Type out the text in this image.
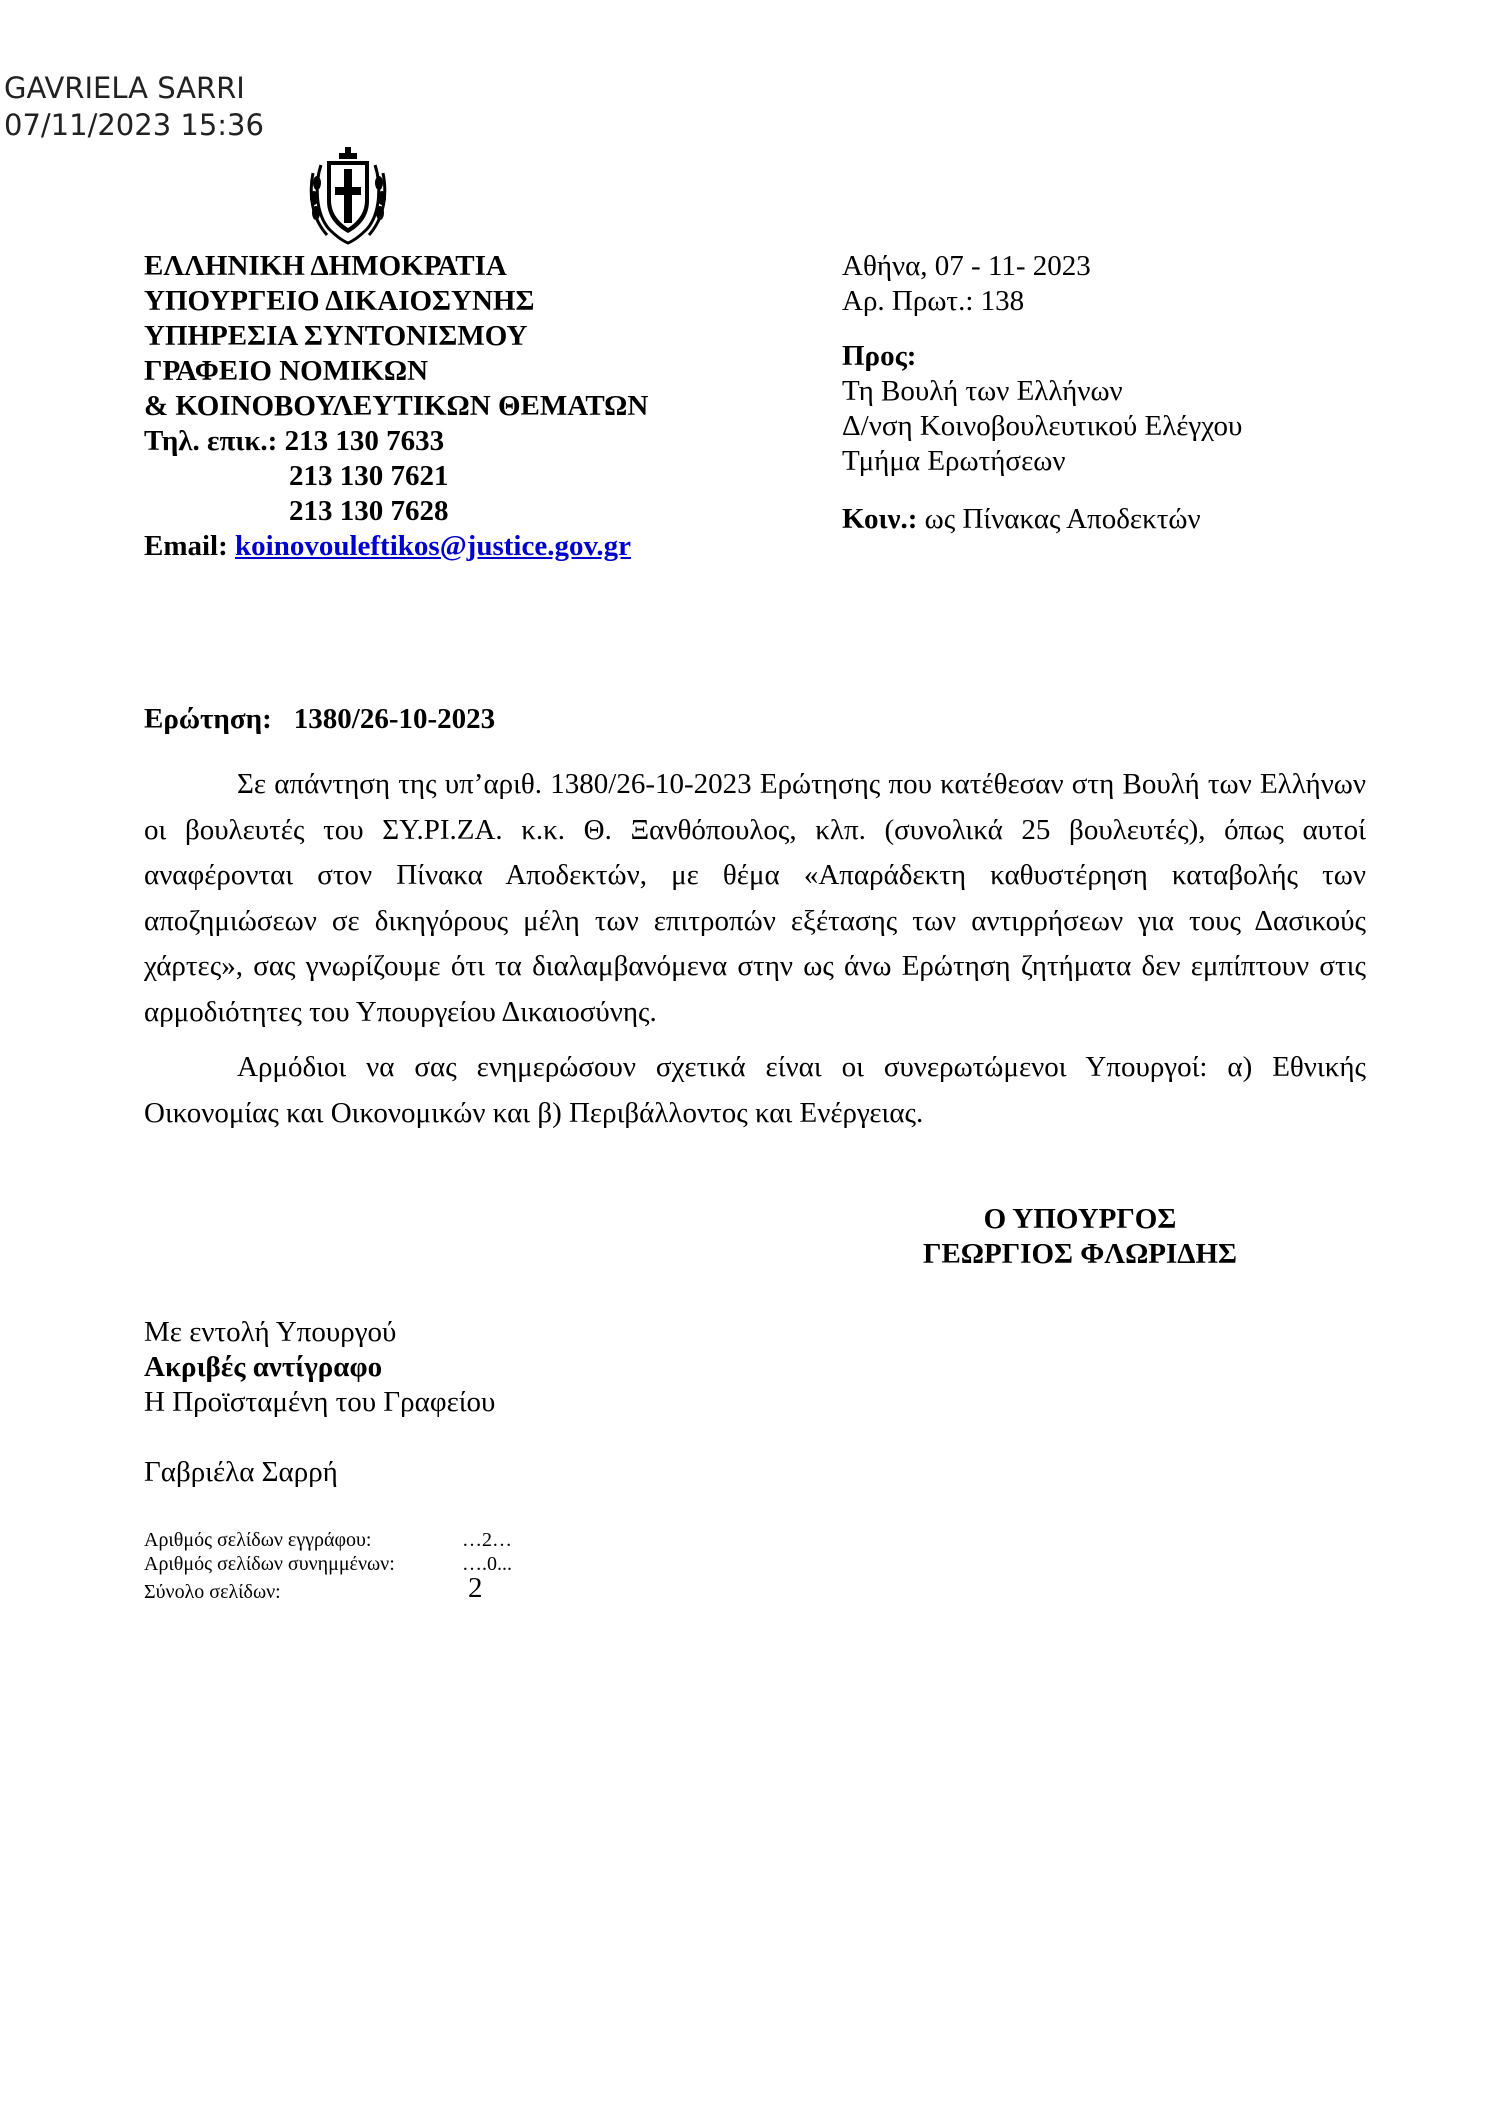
GAVRIELA SARRI
07/11/2023 15:36
ΕΛΛΗΝΙΚΗ ΔΗΜΟΚΡΑΤΙΑ
ΥΠΟΥΡΓΕΙΟ ΔΙΚΑΙΟΣΥΝΗΣ
ΥΠΗΡΕΣΙΑ ΣΥΝΤΟΝΙΣΜΟΥ
ΓΡΑΦΕΙΟ ΝΟΜΙΚΩΝ
& ΚΟΙΝΟΒΟΥΛΕΥΤΙΚΩΝ ΘΕΜΑΤΩΝ
Τηλ. επικ.: 213 130 7633
213 130 7621
213 130 7628
Email: koinovouleftikos@justice.gov.gr
Αθήνα, 07 - 11- 2023
Αρ. Πρωτ.: 138
Προς:
Τη Βουλή των Ελλήνων
Δ/νση Κοινοβουλευτικού Ελέγχου
Τμήμα Ερωτήσεων
Κοιν.: ως Πίνακας Αποδεκτών
Ερώτηση: 1380/26-10-2023

Σε απάντηση της υπ’αριθ. 1380/26-10-2023 Ερώτησης που κατέθεσαν στη Βουλή των Ελλήνων οι βουλευτές του ΣΥ.ΡΙ.ΖΑ. κ.κ. Θ. Ξανθόπουλος, κλπ. (συνολικά 25 βουλευτές), όπως αυτοί αναφέρονται στον Πίνακα Αποδεκτών, με θέμα «Απαράδεκτη καθυστέρηση καταβολής των αποζημιώσεων σε δικηγόρους μέλη των επιτροπών εξέτασης των αντιρρήσεων για τους Δασικούς χάρτες», σας γνωρίζουμε ότι τα διαλαμβανόμενα στην ως άνω Ερώτηση ζητήματα δεν εμπίπτουν στις αρμοδιότητες του Υπουργείου Δικαιοσύνης.

Αρμόδιοι να σας ενημερώσουν σχετικά είναι οι συνερωτώμενοι Υπουργοί: α) Εθνικής Οικονομίας και Οικονομικών και β) Περιβάλλοντος και Ενέργειας.

Ο ΥΠΟΥΡΓΟΣ
ΓΕΩΡΓΙΟΣ ΦΛΩΡΙΔΗΣ
Με εντολή Υπουργού
Ακριβές αντίγραφο
Η Προϊσταμένη του Γραφείου
Γαβριέλα Σαρρή
Αριθμός σελίδων εγγράφου:	…2…
Αριθμός σελίδων συνημμένων:	….0...
Σύνολο σελίδων:	2
